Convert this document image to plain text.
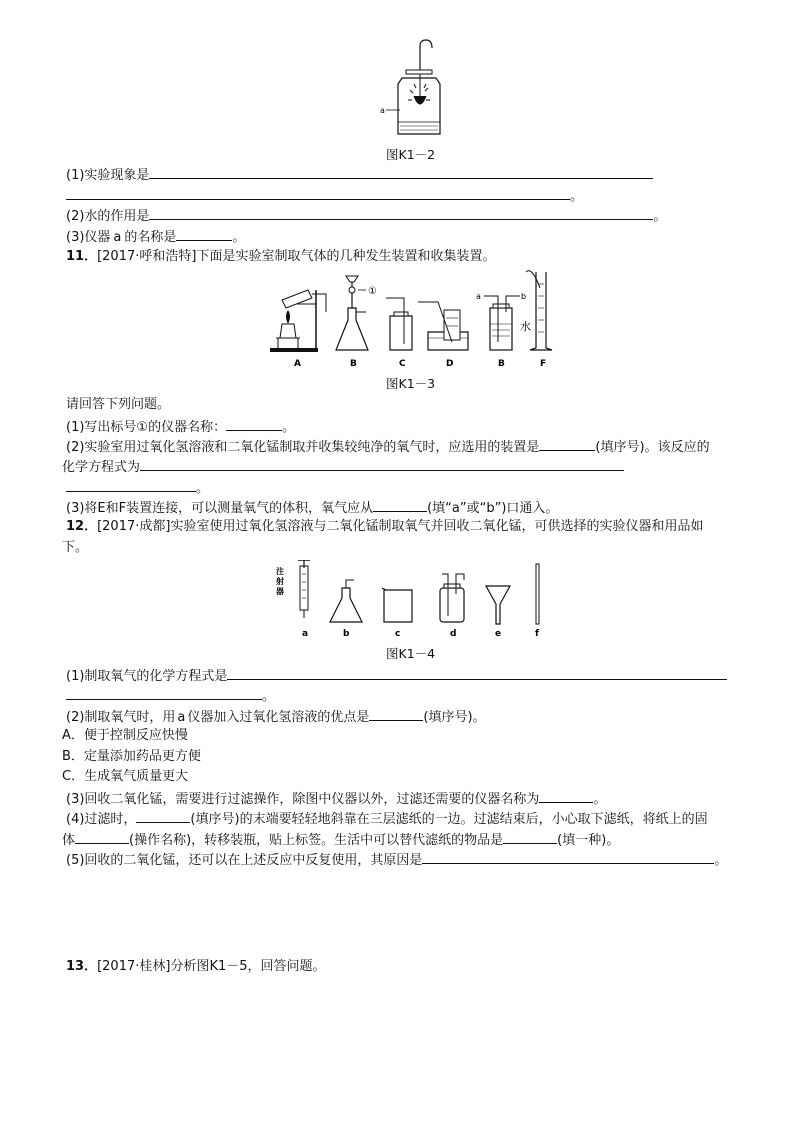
a
图K1－2
(1)实验现象是
。
(2)水的作用是	。
(3)仪器 a 的名称是	。
11．[2017·呼和浩特]下面是实验室制取气体的几种发生装置和收集装置。
①	a	b
水
A	B	C	D	B	F
图K1－3
请回答下列问题。
(1)写出标号①的仪器名称：	。
(2)实验室用过氧化氢溶液和二氧化锰制取并收集较纯净的氧气时，应选用的装置是	(填序号)。该反应的
化学方程式为
。
(3)将E和F装置连接，可以测量氧气的体积，氧气应从	(填“a”或“b”)口通入。
12．[2017·成都]实验室使用过氧化氢溶液与二氧化锰制取氧气并回收二氧化锰，可供选择的实验仪器和用品如
下。
注射器
a	b	c	d	e	f
图K1－4
(1)制取氧气的化学方程式是
。
(2)制取氧气时，用 a 仪器加入过氧化氢溶液的优点是	(填序号)。
A．便于控制反应快慢
B．定量添加药品更方便
C．生成氧气质量更大
(3)回收二氧化锰，需要进行过滤操作，除图中仪器以外，过滤还需要的仪器名称为	。
(4)过滤时，	(填序号)的末端要轻轻地斜靠在三层滤纸的一边。过滤结束后，小心取下滤纸，将纸上的固
体	(操作名称)，转移装瓶，贴上标签。生活中可以替代滤纸的物品是	(填一种)。
(5)回收的二氧化锰，还可以在上述反应中反复使用，其原因是	。
13．[2017·桂林]分析图K1－5，回答问题。
